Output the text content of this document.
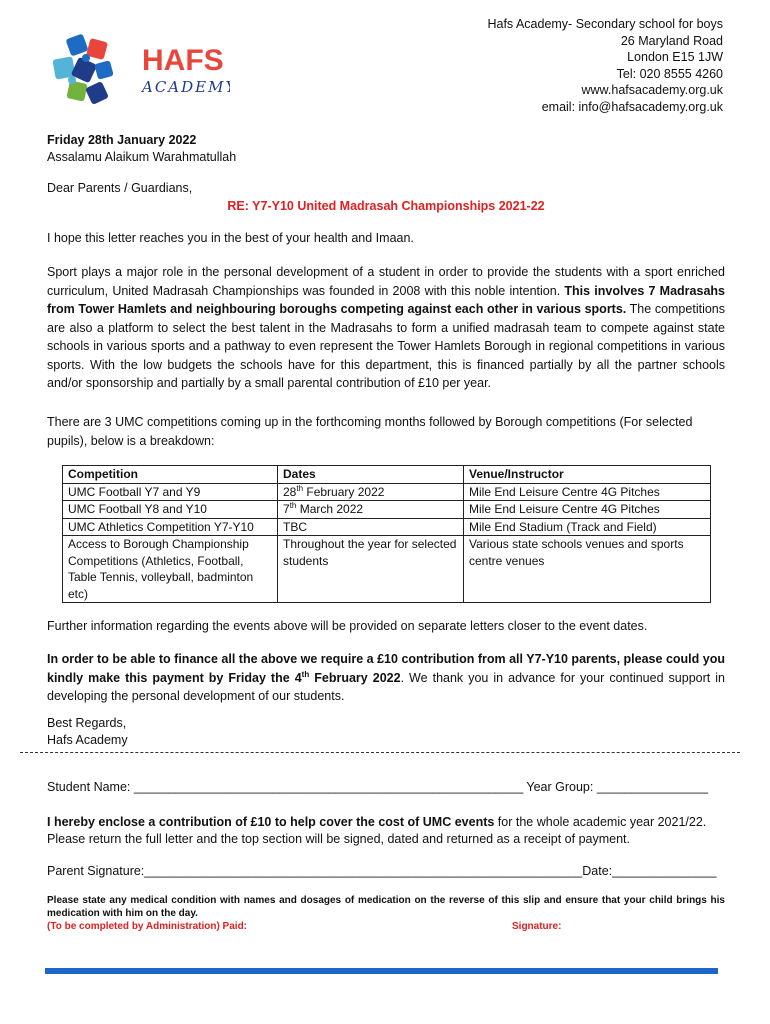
HAFS
ACADEMY
Hafs Academy- Secondary school for boys
26 Maryland Road
London E15 1JW
Tel: 020 8555 4260
www.hafsacademy.org.uk
email: info@hafsacademy.org.uk
Friday 28th January 2022
Assalamu Alaikum Warahmatullah
Dear Parents / Guardians,
RE: Y7-Y10 United Madrasah Championships 2021-22
I hope this letter reaches you in the best of your health and Imaan.
Sport plays a major role in the personal development of a student in order to provide the students with a sport enriched curriculum, United Madrasah Championships was founded in 2008 with this noble intention. This involves 7 Madrasahs from Tower Hamlets and neighbouring boroughs competing against each other in various sports. The competitions are also a platform to select the best talent in the Madrasahs to form a unified madrasah team to compete against state schools in various sports and a pathway to even represent the Tower Hamlets Borough in regional competitions in various sports. With the low budgets the schools have for this department, this is financed partially by all the partner schools and/or sponsorship and partially by a small parental contribution of £10 per year.
There are 3 UMC competitions coming up in the forthcoming months followed by Borough competitions (For selected pupils), below is a breakdown:
Competition	Dates	Venue/Instructor
UMC Football Y7 and Y9	28th February 2022	Mile End Leisure Centre 4G Pitches
UMC Football Y8 and Y10	7th March 2022	Mile End Leisure Centre 4G Pitches
UMC Athletics Competition Y7-Y10	TBC	Mile End Stadium (Track and Field)
Access to Borough Championship Competitions (Athletics, Football, Table Tennis, volleyball, badminton etc)	Throughout the year for selected students	Various state schools venues and sports centre venues
Further information regarding the events above will be provided on separate letters closer to the event dates.
In order to be able to finance all the above we require a £10 contribution from all Y7-Y10 parents, please could you kindly make this payment by Friday the 4th February 2022. We thank you in advance for your continued support in developing the personal development of our students.
Best Regards,
Hafs Academy
Student Name: ________________________________________________________ Year Group: ________________
I hereby enclose a contribution of £10 to help cover the cost of UMC events for the whole academic year 2021/22.
Please return the full letter and the top section will be signed, dated and returned as a receipt of payment.
Parent Signature:_______________________________________________________________Date:_______________
Please state any medical condition with names and dosages of medication on the reverse of this slip and ensure that your child brings his medication with him on the day.
(To be completed by Administration) Paid:	Signature:
